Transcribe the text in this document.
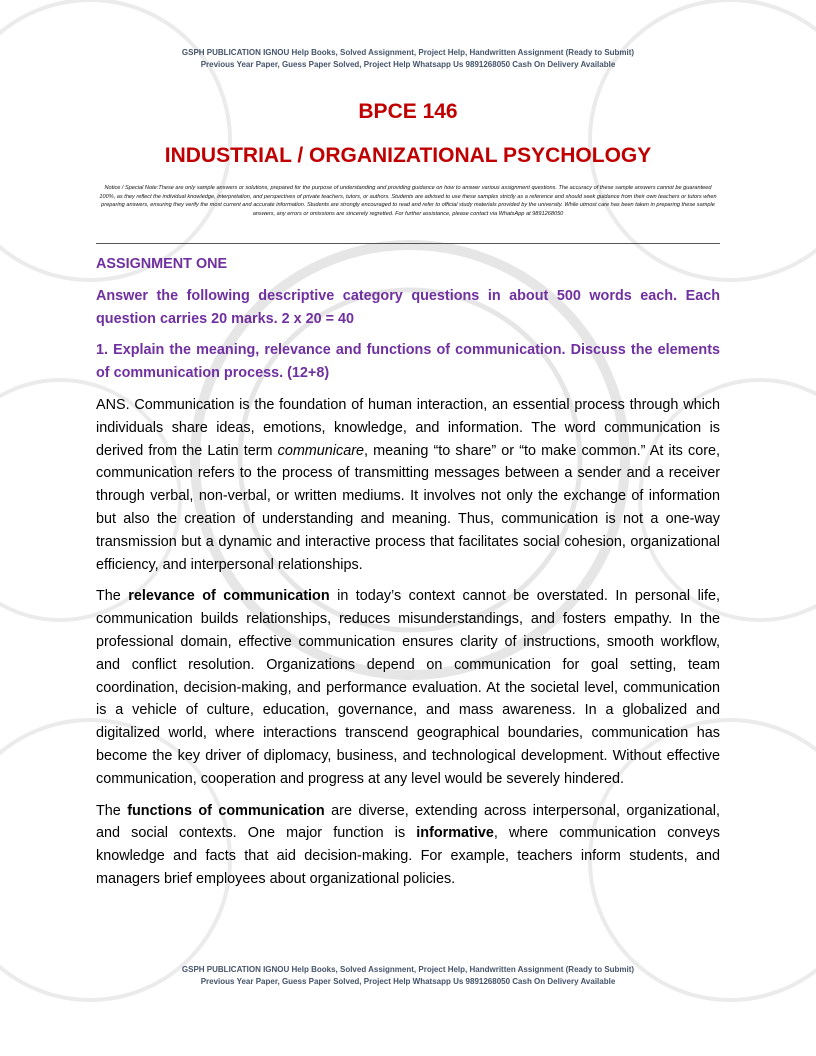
GSPH PUBLICATION IGNOU Help Books, Solved Assignment, Project Help, Handwritten Assignment (Ready to Submit)
Previous Year Paper, Guess Paper Solved, Project Help Whatsapp Us 9891268050 Cash On Delivery Available
BPCE 146
INDUSTRIAL / ORGANIZATIONAL PSYCHOLOGY
Notice / Special Note:These are only sample answers or solutions, prepared for the purpose of understanding and providing guidance on how to answer various assignment questions. The accuracy of these sample answers cannot be guaranteed 100%, as they reflect the individual knowledge, interpretation, and perspectives of private teachers, tutors, or authors. Students are advised to use these samples strictly as a reference and should seek guidance from their own teachers or tutors when preparing answers, ensuring they verify the most current and accurate information. Students are strongly encouraged to read and refer to official study materials provided by the university. While utmost care has been taken in preparing these sample answers, any errors or omissions are sincerely regretted. For further assistance, please contact via WhatsApp at 9891268050

ASSIGNMENT ONE

Answer the following descriptive category questions in about 500 words each. Each question carries 20 marks. 2 x 20 = 40

1. Explain the meaning, relevance and functions of communication. Discuss the elements of communication process. (12+8)

ANS. Communication is the foundation of human interaction, an essential process through which individuals share ideas, emotions, knowledge, and information. The word communication is derived from the Latin term communicare, meaning “to share” or “to make common.” At its core, communication refers to the process of transmitting messages between a sender and a receiver through verbal, non-verbal, or written mediums. It involves not only the exchange of information but also the creation of understanding and meaning. Thus, communication is not a one-way transmission but a dynamic and interactive process that facilitates social cohesion, organizational efficiency, and interpersonal relationships.

The relevance of communication in today’s context cannot be overstated. In personal life, communication builds relationships, reduces misunderstandings, and fosters empathy. In the professional domain, effective communication ensures clarity of instructions, smooth workflow, and conflict resolution. Organizations depend on communication for goal setting, team coordination, decision-making, and performance evaluation. At the societal level, communication is a vehicle of culture, education, governance, and mass awareness. In a globalized and digitalized world, where interactions transcend geographical boundaries, communication has become the key driver of diplomacy, business, and technological development. Without effective communication, cooperation and progress at any level would be severely hindered.

The functions of communication are diverse, extending across interpersonal, organizational, and social contexts. One major function is informative, where communication conveys knowledge and facts that aid decision-making. For example, teachers inform students, and managers brief employees about organizational policies.

GSPH PUBLICATION IGNOU Help Books, Solved Assignment, Project Help, Handwritten Assignment (Ready to Submit)
Previous Year Paper, Guess Paper Solved, Project Help Whatsapp Us 9891268050 Cash On Delivery Available
